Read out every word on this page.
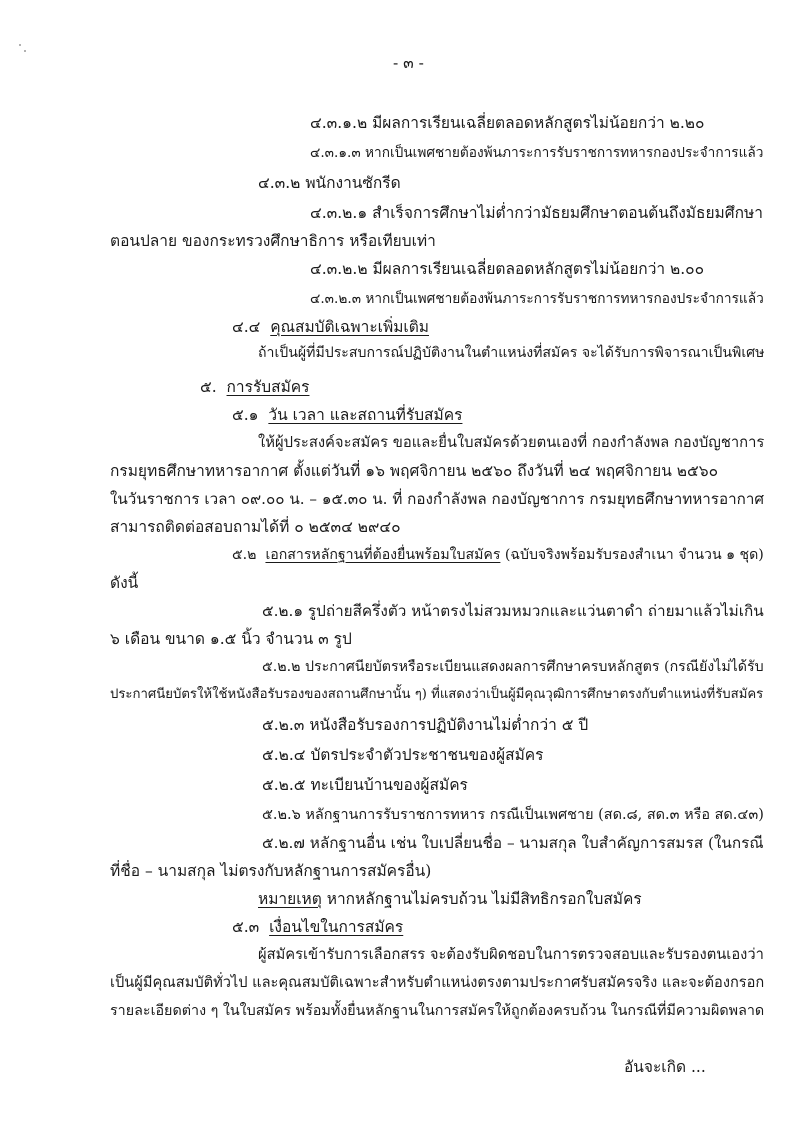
- ๓ -

๔.๓.๑.๒ มีผลการเรียนเฉลี่ยตลอดหลักสูตรไม่น้อยกว่า ๒.๒๐

๔.๓.๑.๓ หากเป็นเพศชายต้องพ้นภาระการรับราชการทหารกองประจำการแล้ว

๔.๓.๒ พนักงานซักรีด

๔.๓.๒.๑ สำเร็จการศึกษาไม่ต่ำกว่ามัธยมศึกษาตอนต้นถึงมัธยมศึกษา

ตอนปลาย ของกระทรวงศึกษาธิการ หรือเทียบเท่า

๔.๓.๒.๒ มีผลการเรียนเฉลี่ยตลอดหลักสูตรไม่น้อยกว่า ๒.๐๐

๔.๓.๒.๓ หากเป็นเพศชายต้องพ้นภาระการรับราชการทหารกองประจำการแล้ว

๔.๔ คุณสมบัติเฉพาะเพิ่มเติม

ถ้าเป็นผู้ที่มีประสบการณ์ปฏิบัติงานในตำแหน่งที่สมัคร จะได้รับการพิจารณาเป็นพิเศษ

๕. การรับสมัคร

๕.๑ วัน เวลา และสถานที่รับสมัคร

ให้ผู้ประสงค์จะสมัคร ขอและยื่นใบสมัครด้วยตนเองที่ กองกำลังพล กองบัญชาการ

กรมยุทธศึกษาทหารอากาศ ตั้งแต่วันที่ ๑๖ พฤศจิกายน ๒๕๖๐ ถึงวันที่ ๒๔ พฤศจิกายน ๒๕๖๐

ในวันราชการ เวลา ๐๙.๐๐ น. – ๑๕.๓๐ น. ที่ กองกำลังพล กองบัญชาการ กรมยุทธศึกษาทหารอากาศ

สามารถติดต่อสอบถามได้ที่ ๐ ๒๕๓๔ ๒๙๔๐

๕.๒ เอกสารหลักฐานที่ต้องยื่นพร้อมใบสมัคร (ฉบับจริงพร้อมรับรองสำเนา จำนวน ๑ ชุด)

ดังนี้

๕.๒.๑ รูปถ่ายสีครึ่งตัว หน้าตรงไม่สวมหมวกและแว่นตาดำ ถ่ายมาแล้วไม่เกิน

๖ เดือน ขนาด ๑.๕ นิ้ว จำนวน ๓ รูป

๕.๒.๒ ประกาศนียบัตรหรือระเบียนแสดงผลการศึกษาครบหลักสูตร (กรณียังไม่ได้รับ

ประกาศนียบัตรให้ใช้หนังสือรับรองของสถานศึกษานั้น ๆ) ที่แสดงว่าเป็นผู้มีคุณวุฒิการศึกษาตรงกับตำแหน่งที่รับสมัคร

๕.๒.๓ หนังสือรับรองการปฏิบัติงานไม่ต่ำกว่า ๕ ปี

๕.๒.๔ บัตรประจำตัวประชาชนของผู้สมัคร

๕.๒.๕ ทะเบียนบ้านของผู้สมัคร

๕.๒.๖ หลักฐานการรับราชการทหาร กรณีเป็นเพศชาย (สด.๘, สด.๓ หรือ สด.๔๓)

๕.๒.๗ หลักฐานอื่น เช่น ใบเปลี่ยนชื่อ – นามสกุล ใบสำคัญการสมรส (ในกรณี

ที่ชื่อ – นามสกุล ไม่ตรงกับหลักฐานการสมัครอื่น)

หมายเหตุ หากหลักฐานไม่ครบถ้วน ไม่มีสิทธิกรอกใบสมัคร

๕.๓ เงื่อนไขในการสมัคร

ผู้สมัครเข้ารับการเลือกสรร จะต้องรับผิดชอบในการตรวจสอบและรับรองตนเองว่า

เป็นผู้มีคุณสมบัติทั่วไป และคุณสมบัติเฉพาะสำหรับตำแหน่งตรงตามประกาศรับสมัครจริง และจะต้องกรอก

รายละเอียดต่าง ๆ ในใบสมัคร พร้อมทั้งยื่นหลักฐานในการสมัครให้ถูกต้องครบถ้วน ในกรณีที่มีความผิดพลาด

อันจะเกิด ...
